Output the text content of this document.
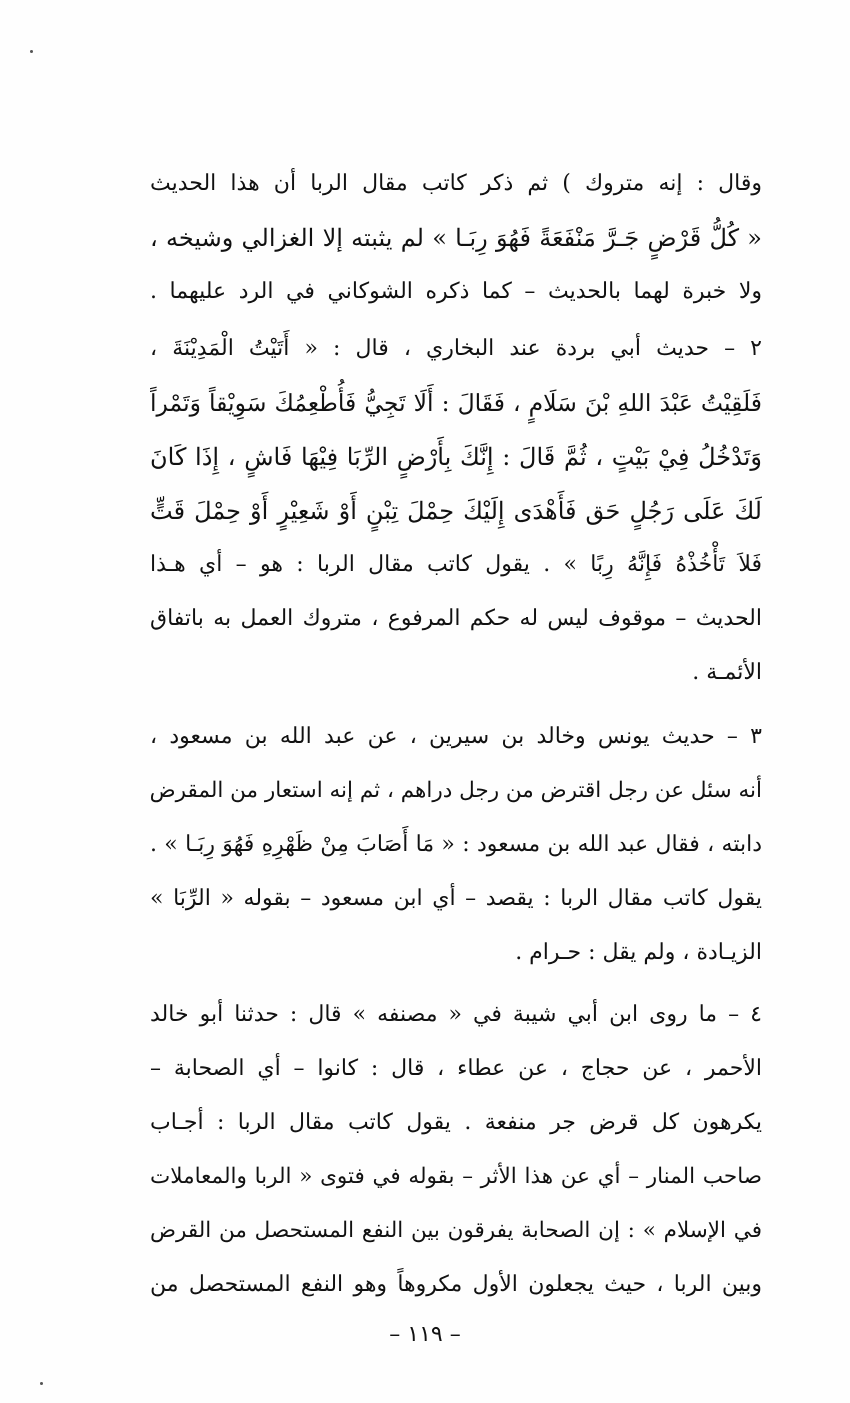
وقال : إنه متروك ) ثم ذكر كاتب مقال الربا أن هذا الحديث
« كُلُّ قَرْضٍ جَـرَّ مَنْفَعَةً فَهُوَ رِبَـا » لم يثبته إلا الغزالي وشيخه ،
ولا خبرة لهما بالحديث – كما ذكره الشوكاني في الرد عليهما .
٢ – حديث أبي بردة عند البخاري ، قال : « أَتَيْتُ الْمَدِيْنَةَ ،
فَلَقِيْتُ عَبْدَ اللهِ بْنَ سَلَامٍ ، فَقَالَ : أَلَا تَجِيُّ فَأُطْعِمُكَ سَوِيْقاً وَتَمْراً
وَتَدْخُلُ فِيْ بَيْتٍ ، ثُمَّ قَالَ : إِنَّكَ بِأَرْضٍ الرِّبَا فِيْهَا فَاشٍ ، إِذَا كَانَ
لَكَ عَلَى رَجُلٍ حَق فَأَهْدَى إِلَيْكَ حِمْلَ تِبْنٍ أَوْ شَعِيْرٍ أَوْ حِمْلَ قَتٍّ
فَلاَ تَأْخُذْهُ فَإِنَّهُ رِبًا » . يقول كاتب مقال الربا : هو – أي هـذا
الحديث – موقوف ليس له حكم المرفوع ، متروك العمل به باتفاق
الأئمـة .
٣ – حديث يونس وخالد بن سيرين ، عن عبد الله بن مسعود ،
أنه سئل عن رجل اقترض من رجل دراهم ، ثم إنه استعار من المقرض
دابته ، فقال عبد الله بن مسعود : « مَا أَصَابَ مِنْ ظَهْرِهِ فَهُوَ رِبَـا » .
يقول كاتب مقال الربا : يقصد – أي ابن مسعود – بقوله « الرِّبَا »
الزيـادة ، ولم يقل : حـرام .
٤ – ما روى ابن أبي شيبة في « مصنفه » قال : حدثنا أبو خالد
الأحمر ، عن حجاج ، عن عطاء ، قال : كانوا – أي الصحابة –
يكرهون كل قرض جر منفعة . يقول كاتب مقال الربا : أجـاب
صاحب المنار – أي عن هذا الأثر – بقوله في فتوى « الربا والمعاملات
في الإسلام » : إن الصحابة يفرقون بين النفع المستحصل من القرض
وبين الربا ، حيث يجعلون الأول مكروهاً وهو النفع المستحصل من
– ١١٩ –
